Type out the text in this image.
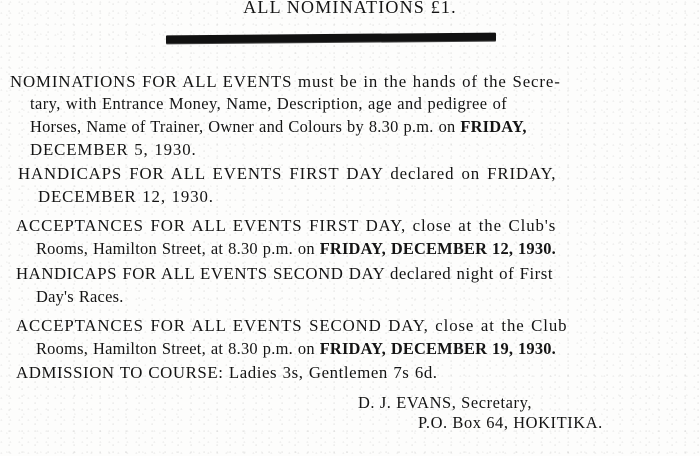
ALL NOMINATIONS £1.

NOMINATIONS FOR ALL EVENTS must be in the hands of the Secre-

tary, with Entrance Money, Name, Description, age and pedigree of

Horses, Name of Trainer, Owner and Colours by 8.30 p.m. on FRIDAY,

DECEMBER 5, 1930.

HANDICAPS FOR ALL EVENTS FIRST DAY declared on FRIDAY,

DECEMBER 12, 1930.

ACCEPTANCES FOR ALL EVENTS FIRST DAY, close at the Club's

Rooms, Hamilton Street, at 8.30 p.m. on FRIDAY, DECEMBER 12, 1930.

HANDICAPS FOR ALL EVENTS SECOND DAY declared night of First

Day's Races.

ACCEPTANCES FOR ALL EVENTS SECOND DAY, close at the Club

Rooms, Hamilton Street, at 8.30 p.m. on FRIDAY, DECEMBER 19, 1930.

ADMISSION TO COURSE: Ladies 3s, Gentlemen 7s 6d.

D. J. EVANS, Secretary,

P.O. Box 64, HOKITIKA.
